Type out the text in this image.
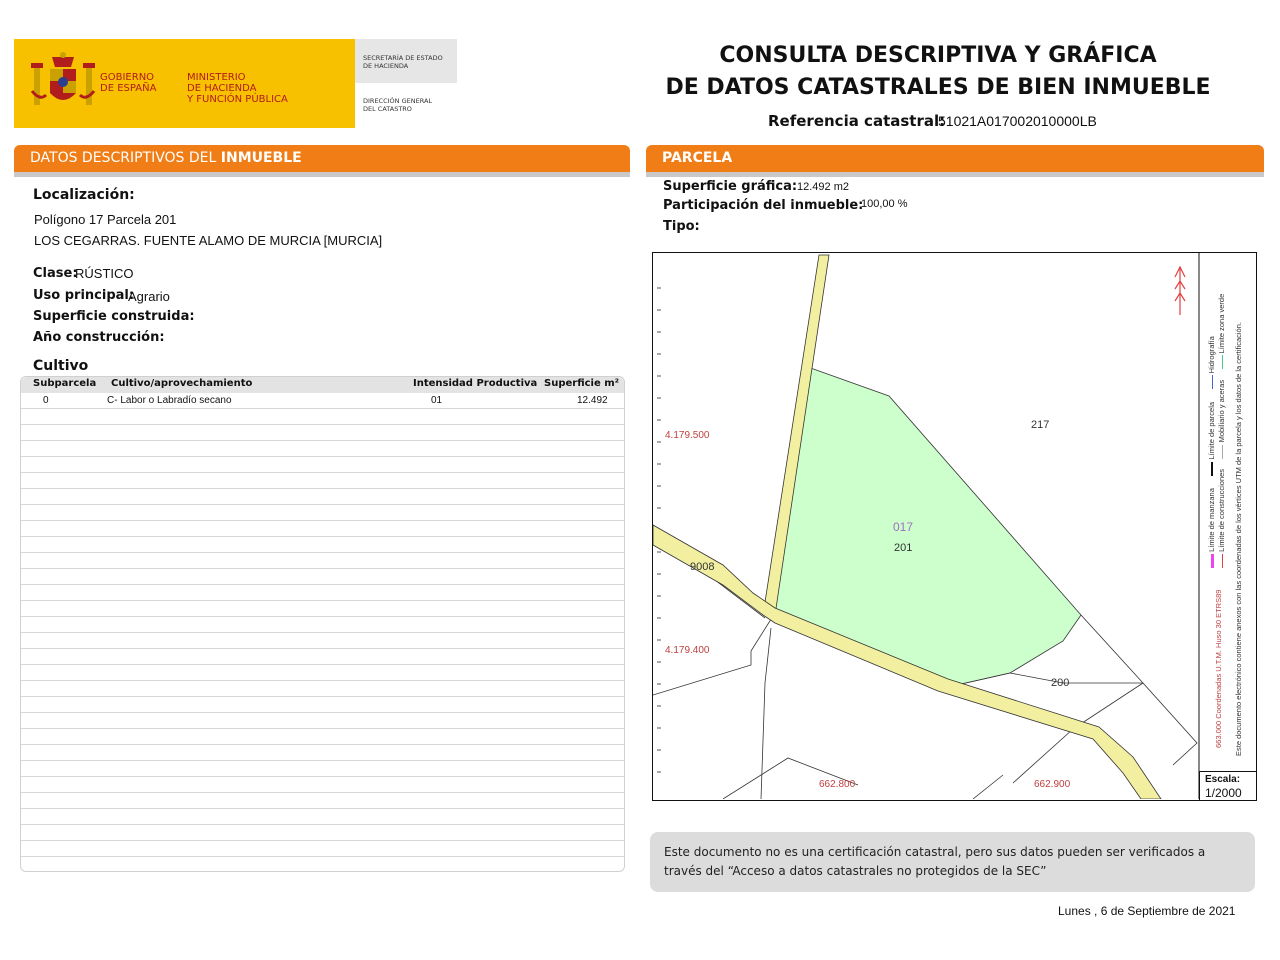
GOBIERNO
DE ESPAÑA
MINISTERIO
DE HACIENDA
Y FUNCIÓN PÚBLICA
SECRETARÍA DE ESTADO
DE HACIENDA
DIRECCIÓN GENERAL
DEL CATASTRO
CONSULTA DESCRIPTIVA Y GRÁFICA
DE DATOS CATASTRALES DE BIEN INMUEBLE
Referencia catastral:
51021A017002010000LB
DATOS DESCRIPTIVOS DEL INMUEBLE	PARCELA
Localización:
Polígono 17 Parcela 201
LOS CEGARRAS. FUENTE ALAMO DE MURCIA [MURCIA]
Clase:
RÚSTICO
Uso principal:
Agrario
Superficie construida:
Año construcción:
Cultivo
Subparcela Cultivo/aprovechamiento	Intensidad Productiva Superficie m²
0	C- Labor o Labradío secano	01	12.492
Superficie gráfica: 12.492 m2
Participación del inmueble:
100,00 %
Tipo:
4.179.500
4.179.400
662.800	662.900
017
201
217
200
9008
Límite de manzana       Límite de parcela       Hidrografía
Límite de construcciones      Mobiliario y aceras      Límite zona verde
663.000 Coordenadas U.T.M. Huso 30 ETRS89 Este documento electrónico contiene anexos con las coordenadas de los vértices UTM de la parcela y los datos de la certificación.
Escala:
1/2000
Este documento no es una certificación catastral, pero sus datos pueden ser verificados a través del “Acceso a datos catastrales no protegidos de la SEC”
Lunes , 6 de Septiembre de 2021
